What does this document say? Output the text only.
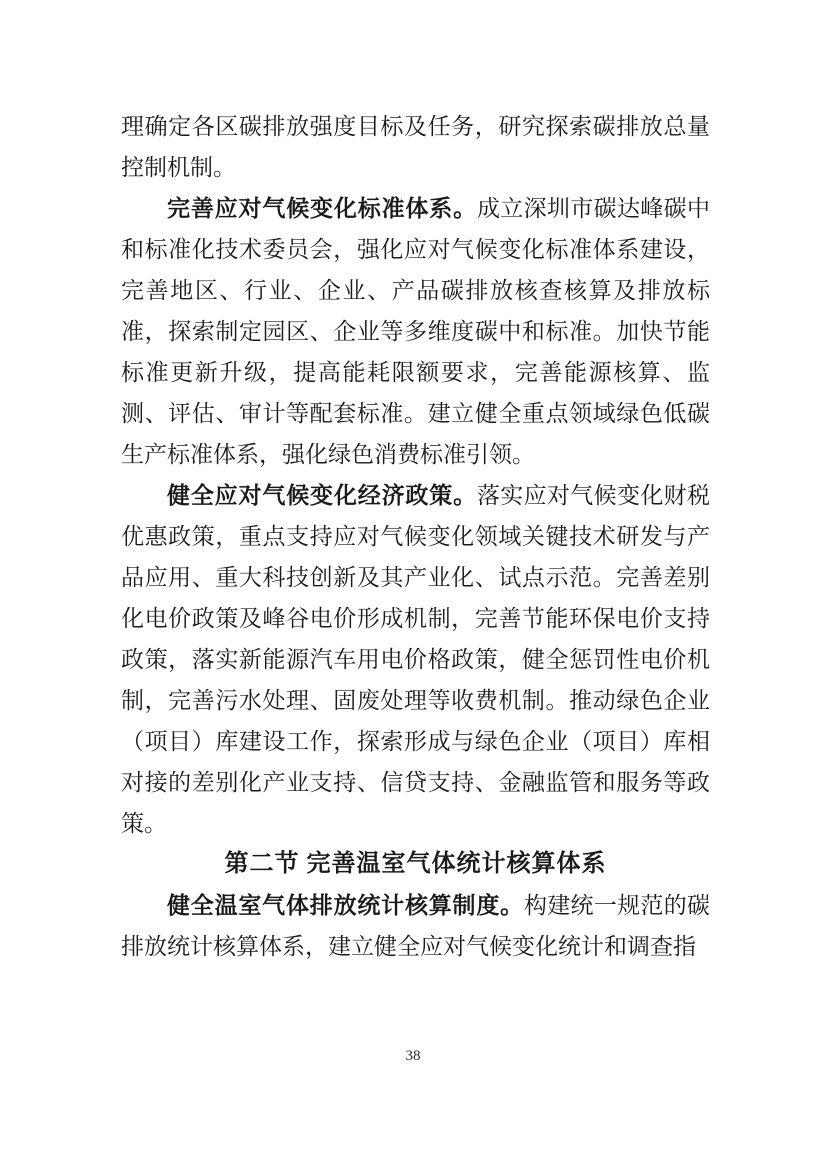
理确定各区碳排放强度目标及任务，研究探索碳排放总量控制机制。

完善应对气候变化标准体系。成立深圳市碳达峰碳中和标准化技术委员会，强化应对气候变化标准体系建设，完善地区、行业、企业、产品碳排放核查核算及排放标准，探索制定园区、企业等多维度碳中和标准。加快节能标准更新升级，提高能耗限额要求，完善能源核算、监测、评估、审计等配套标准。建立健全重点领域绿色低碳生产标准体系，强化绿色消费标准引领。

健全应对气候变化经济政策。落实应对气候变化财税优惠政策，重点支持应对气候变化领域关键技术研发与产品应用、重大科技创新及其产业化、试点示范。完善差别化电价政策及峰谷电价形成机制，完善节能环保电价支持政策，落实新能源汽车用电价格政策，健全惩罚性电价机制，完善污水处理、固废处理等收费机制。推动绿色企业（项目）库建设工作，探索形成与绿色企业（项目）库相对接的差别化产业支持、信贷支持、金融监管和服务等政策。

第二节 完善温室气体统计核算体系

健全温室气体排放统计核算制度。构建统一规范的碳排放统计核算体系，建立健全应对气候变化统计和调查指

38
